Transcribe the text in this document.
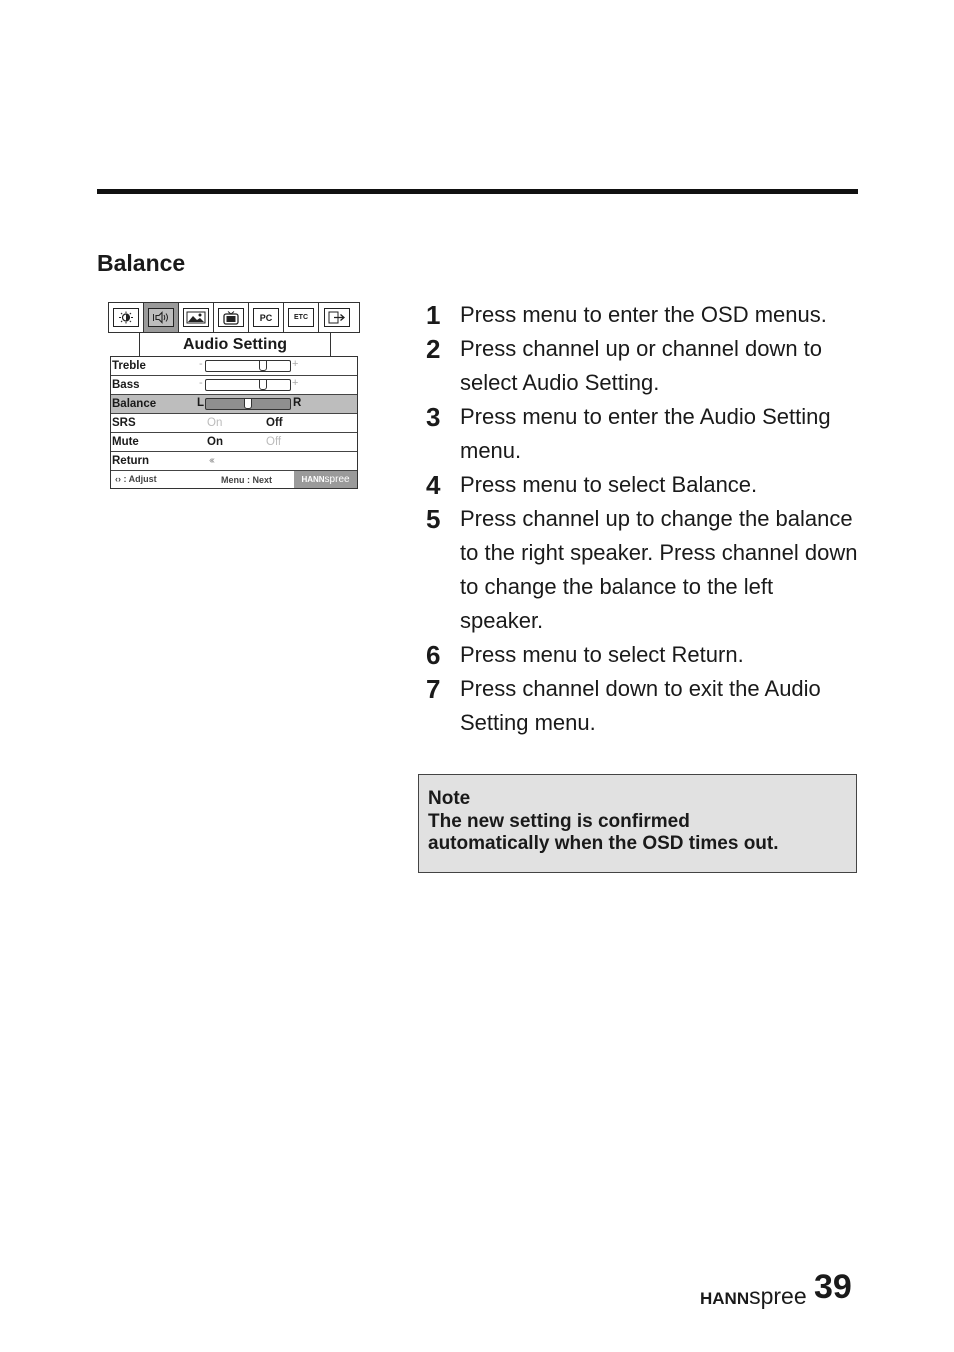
Balance
PC	ETC
Audio Setting
Treble	-	+
Bass	-	+
Balance	L	R
SRS	On	Off
Mute	On	Off
Return	‹‹‹
‹› : Adjust	Menu : Next	HANNspree
1 Press menu to enter the OSD menus.
2 Press channel up or channel down to select Audio Setting.
3 Press menu to enter the Audio Setting menu.
4 Press menu to select Balance.
5 Press channel up to change the balance to the right speaker. Press channel down to change the balance to the left speaker.
6 Press menu to select Return.
7 Press channel down to exit the Audio Setting menu.
Note
The new setting is confirmed
automatically when the OSD times out.
HANNspree 39
